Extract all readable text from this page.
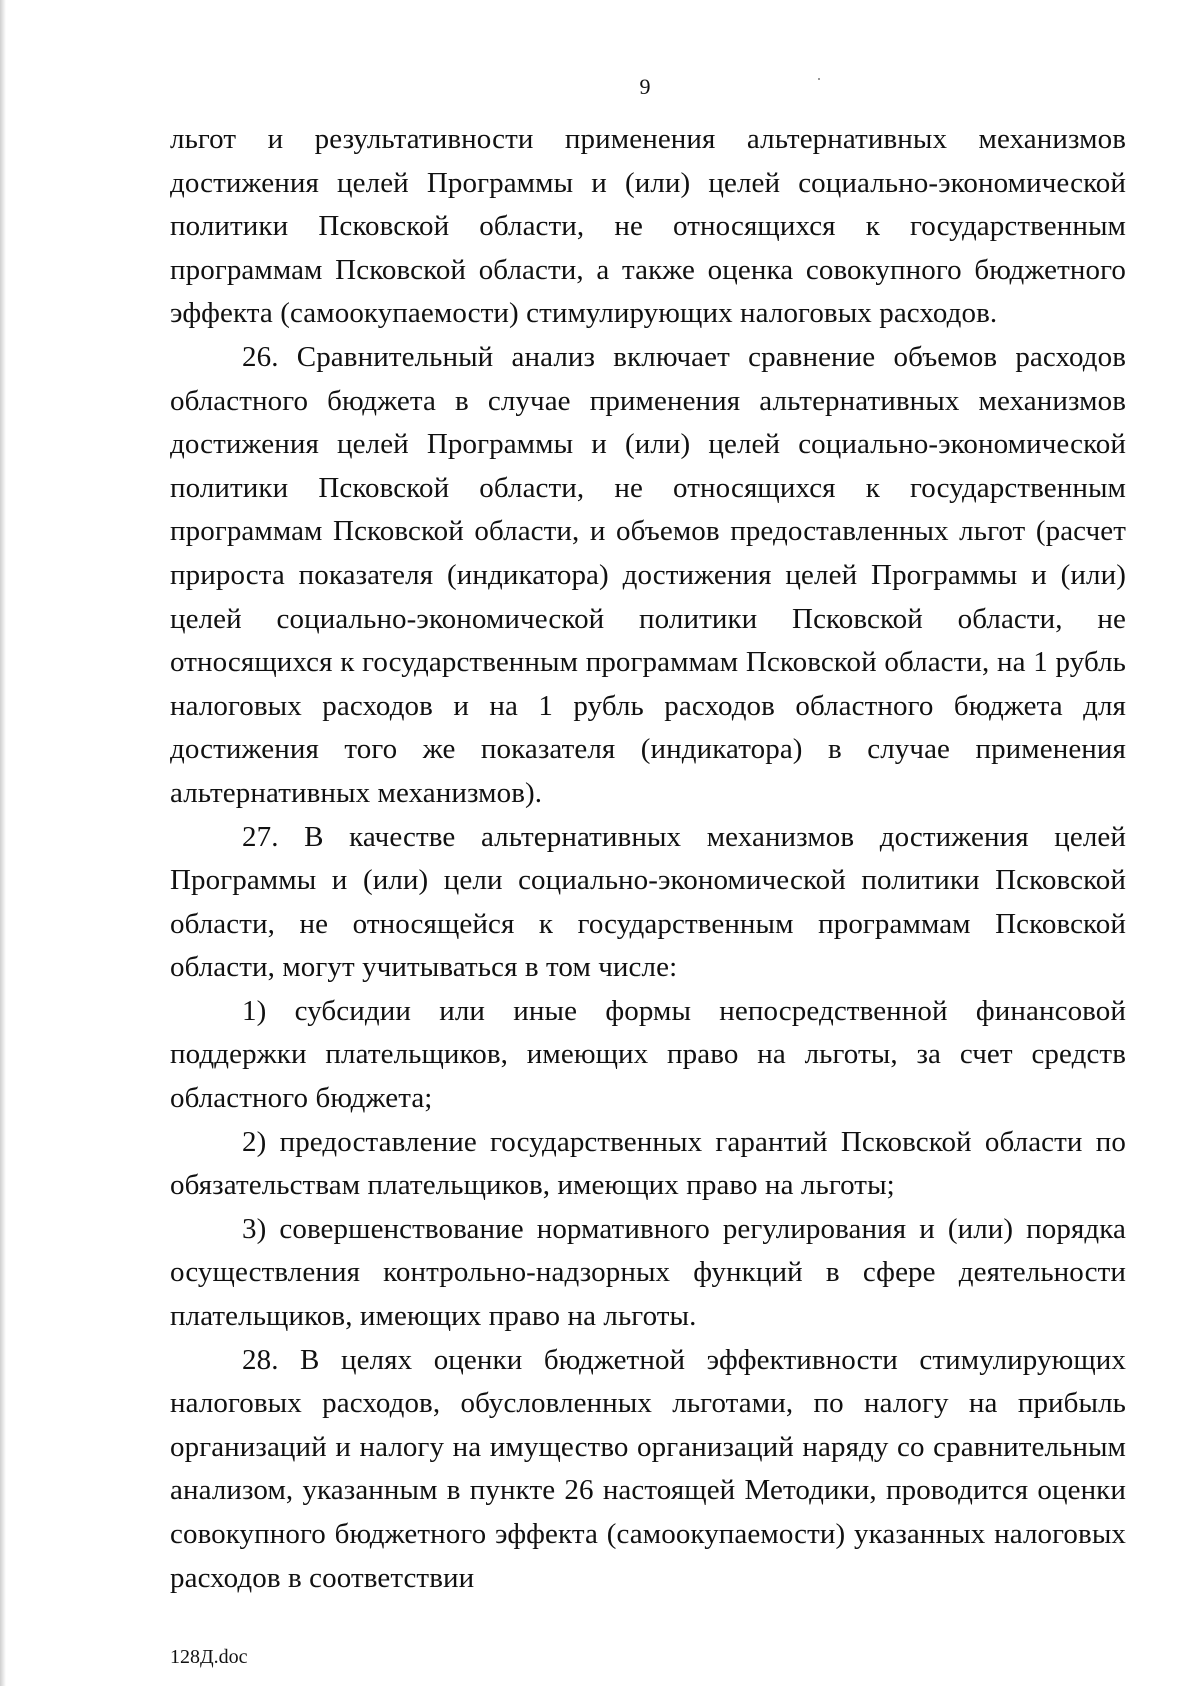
9

льгот и результативности применения альтернативных механизмов достижения целей Программы и (или) целей социально-экономической политики Псковской области, не относящихся к государственным программам Псковской области, а также оценка совокупного бюджетного эффекта (самоокупаемости) стимулирующих налоговых расходов.

26. Сравнительный анализ включает сравнение объемов расходов областного бюджета в случае применения альтернативных механизмов достижения целей Программы и (или) целей социально-экономической политики Псковской области, не относящихся к государственным программам Псковской области, и объемов предоставленных льгот (расчет прироста показателя (индикатора) достижения целей Программы и (или) целей социально-экономической политики Псковской области, не относящихся к государственным программам Псковской области, на 1 рубль налоговых расходов и на 1 рубль расходов областного бюджета для достижения того же показателя (индикатора) в случае применения альтернативных механизмов).

27. В качестве альтернативных механизмов достижения целей Программы и (или) цели социально-экономической политики Псковской области, не относящейся к государственным программам Псковской области, могут учитываться в том числе:

1) субсидии или иные формы непосредственной финансовой поддержки плательщиков, имеющих право на льготы, за счет средств областного бюджета;

2) предоставление государственных гарантий Псковской области по обязательствам плательщиков, имеющих право на льготы;

3) совершенствование нормативного регулирования и (или) порядка осуществления контрольно-надзорных функций в сфере деятельности плательщиков, имеющих право на льготы.

28. В целях оценки бюджетной эффективности стимулирующих налоговых расходов, обусловленных льготами, по налогу на прибыль организаций и налогу на имущество организаций наряду со сравнительным анализом, указанным в пункте 26 настоящей Методики, проводится оценки совокупного бюджетного эффекта (самоокупаемости) указанных налоговых расходов в соответствии

128Д.doc
